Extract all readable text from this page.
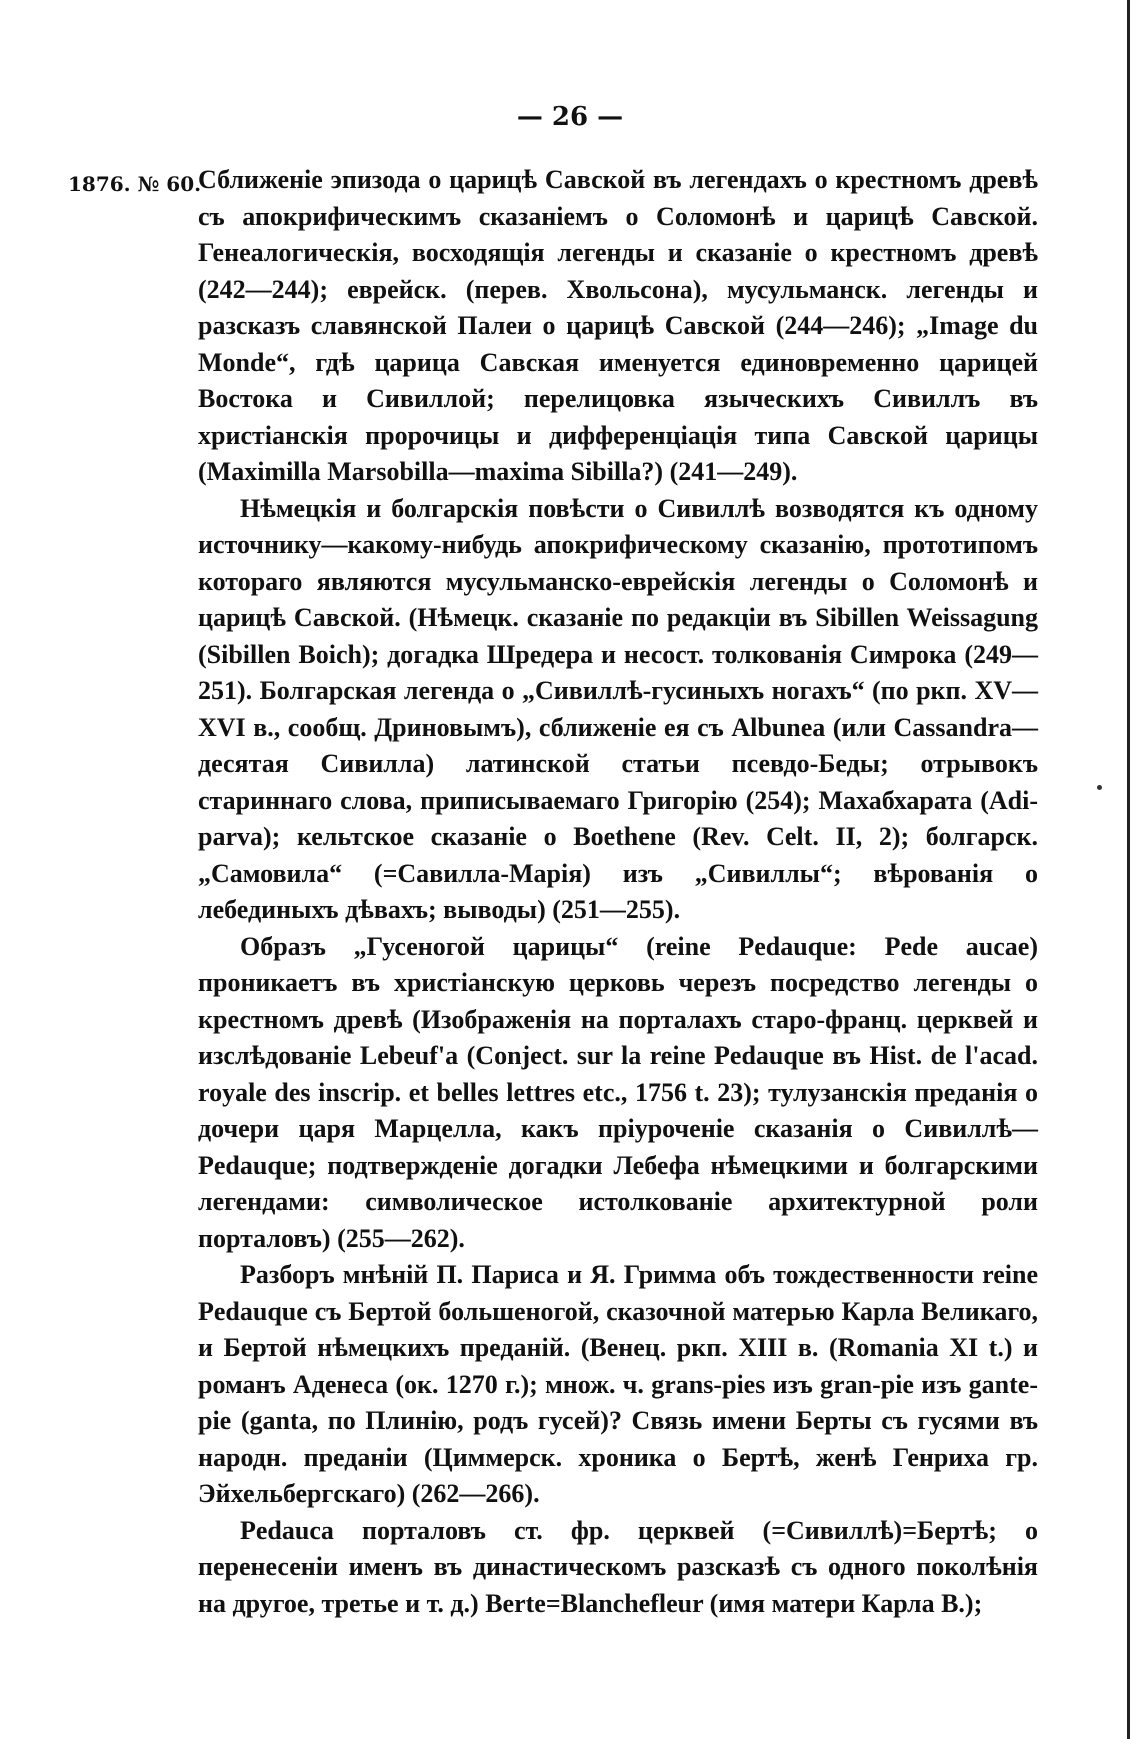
— 26 —
1876. № 60.

Сближеніе эпизода о царицѣ Савской въ легендахъ о крестномъ древѣ съ апокрифическимъ сказаніемъ о Соломонѣ и царицѣ Савской. Генеалогическія, восходящія легенды и сказаніе о крестномъ древѣ (242—244); еврейск. (перев. Хвольсона), мусульманск. легенды и разсказъ славянской Палеи о царицѣ Савской (244—246); „Image du Monde“, гдѣ царица Савская именуется единовременно царицей Востока и Сивиллой; перелицовка языческихъ Сивиллъ въ христіанскія пророчицы и дифференціація типа Савской царицы (Maximilla Marsobilla—maxima Sibilla?) (241—249).

Нѣмецкія и болгарскія повѣсти о Сивиллѣ возводятся къ одному источнику—какому-нибудь апокрифическому сказанію, прототипомъ котораго являются мусульманско-еврейскія легенды о Соломонѣ и царицѣ Савской. (Нѣмецк. сказаніе по редакціи въ Sibillen Weissagung (Sibillen Boich); догадка Шредера и несост. толкованія Симрока (249—251). Болгарская легенда о „Сивиллѣ-гусиныхъ ногахъ“ (по ркп. XV—XVI в., сообщ. Дриновымъ), сближеніе ея съ Albunea (или Cassandra—десятая Сивилла) латинской статьи псевдо-Беды; отрывокъ стариннаго слова, приписываемаго Григорію (254); Махабхарата (Adi-parva); кельтское сказаніе о Boethene (Rev. Celt. II, 2); болгарск. „Самовила“ (=Савилла-Марія) изъ „Сивиллы“; вѣрованія о лебединыхъ дѣвахъ; выводы) (251—255).

Образъ „Гусеногой царицы“ (reine Pedauque: Pede aucae) проникаетъ въ христіанскую церковь черезъ посредство легенды о крестномъ древѣ (Изображенія на порталахъ старо-франц. церквей и изслѣдованіе Lebeuf'a (Conject. sur la reine Pedauque въ Hist. de l'acad. royale des inscrip. et belles lettres etc., 1756 t. 23); тулузанскія преданія о дочери царя Марцелла, какъ пріуроченіе сказанія о Сивиллѣ—Pedauque; подтвержденіе догадки Лебефа нѣмецкими и болгарскими легендами: символическое истолкованіе архитектурной роли порталовъ) (255—262).

Разборъ мнѣній П. Париса и Я. Гримма объ тождественности reine Pedauque съ Бертой большеногой, сказочной матерью Карла Великаго, и Бертой нѣмецкихъ преданій. (Венец. ркп. XIII в. (Romania XI t.) и романъ Аденеса (ок. 1270 г.); множ. ч. grans-pies изъ gran-pie изъ gante-pie (ganta, по Плинію, родъ гусей)? Связь имени Берты съ гусями въ народн. преданіи (Циммерск. хроника о Бертѣ, женѣ Генриха гр. Эйхельбергскаго) (262—266).

Pedauca порталовъ ст. фр. церквей (=Сивиллѣ)=Бертѣ; о перенесеніи именъ въ династическомъ разсказѣ съ одного поколѣнія на другое, третье и т. д.) Berte=Blanchefleur (имя матери Карла В.);
